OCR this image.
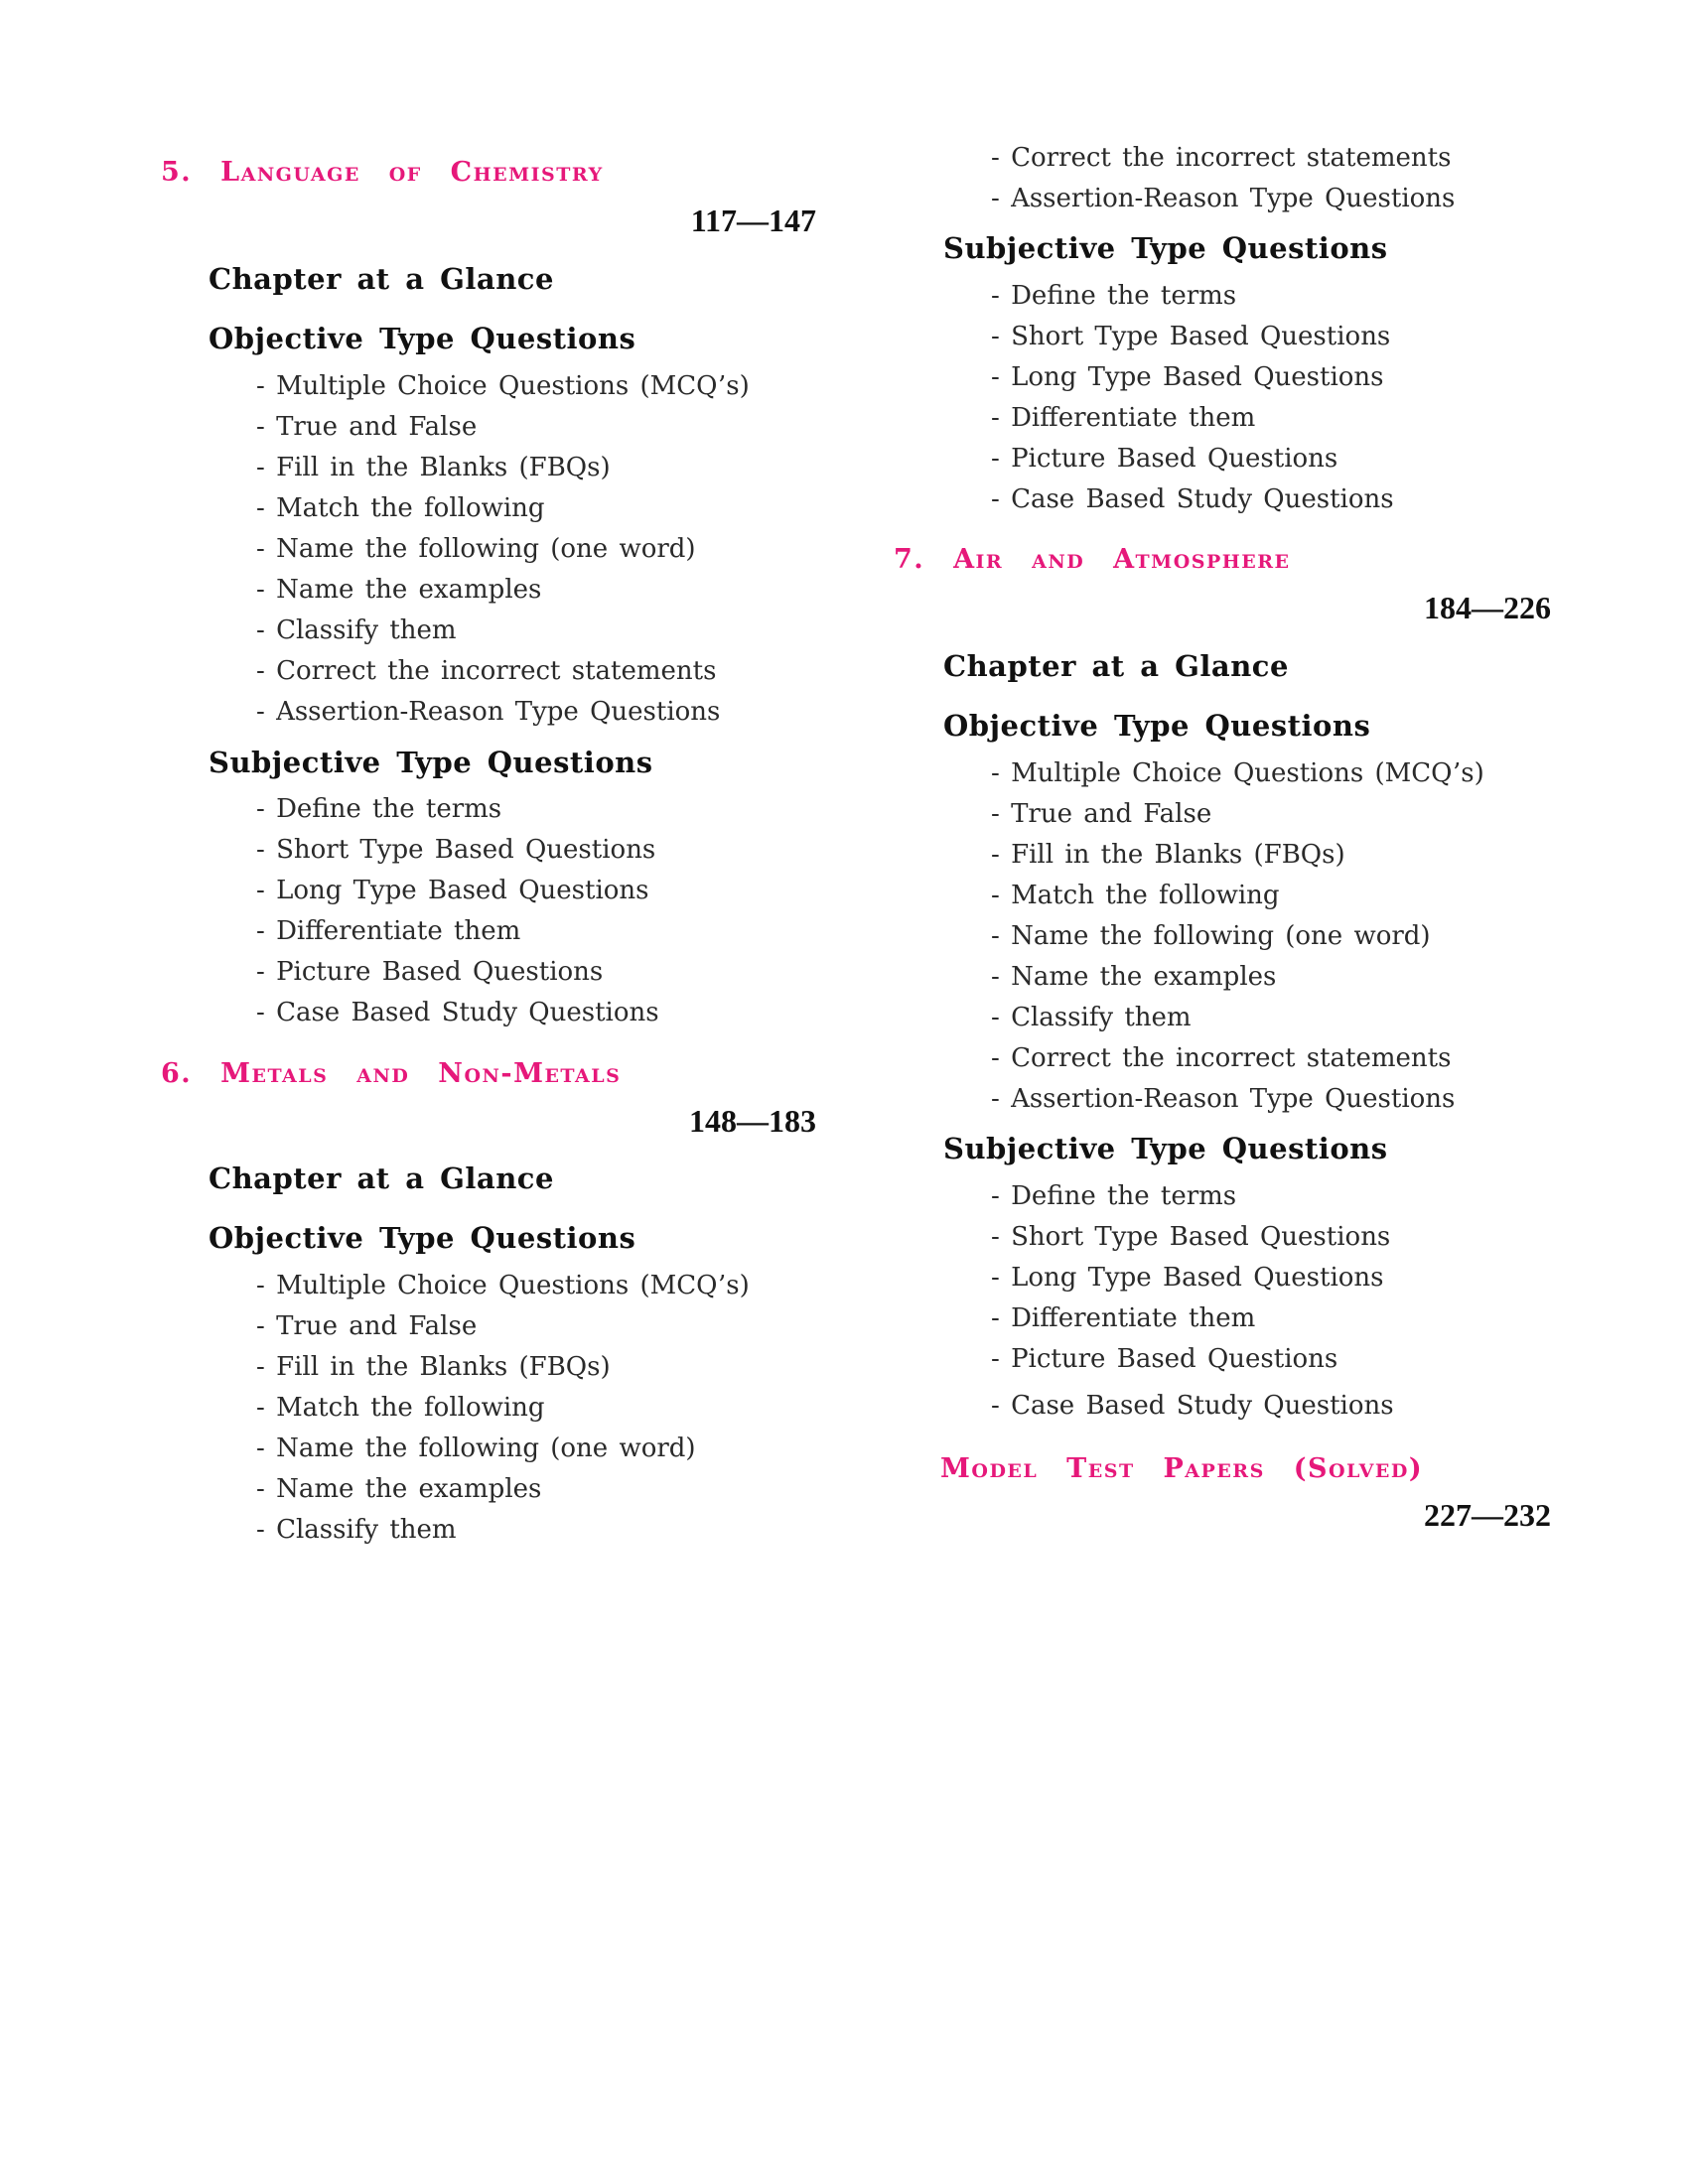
5. Language of Chemistry
117—147
Chapter at a Glance
Objective Type Questions
- Multiple Choice Questions (MCQ’s)
- True and False
- Fill in the Blanks (FBQs)
- Match the following
- Name the following (one word)
- Name the examples
- Classify them
- Correct the incorrect statements
- Assertion-Reason Type Questions
Subjective Type Questions
- Define the terms
- Short Type Based Questions
- Long Type Based Questions
- Differentiate them
- Picture Based Questions
- Case Based Study Questions
6. Metals and Non-Metals
148—183
Chapter at a Glance
Objective Type Questions
- Multiple Choice Questions (MCQ’s)
- True and False
- Fill in the Blanks (FBQs)
- Match the following
- Name the following (one word)
- Name the examples
- Classify them
- Correct the incorrect statements
- Assertion-Reason Type Questions
Subjective Type Questions
- Define the terms
- Short Type Based Questions
- Long Type Based Questions
- Differentiate them
- Picture Based Questions
- Case Based Study Questions
7. Air and Atmosphere
184—226
Chapter at a Glance
Objective Type Questions
- Multiple Choice Questions (MCQ’s)
- True and False
- Fill in the Blanks (FBQs)
- Match the following
- Name the following (one word)
- Name the examples
- Classify them
- Correct the incorrect statements
- Assertion-Reason Type Questions
Subjective Type Questions
- Define the terms
- Short Type Based Questions
- Long Type Based Questions
- Differentiate them
- Picture Based Questions
- Case Based Study Questions
Model Test Papers (Solved)
227—232
